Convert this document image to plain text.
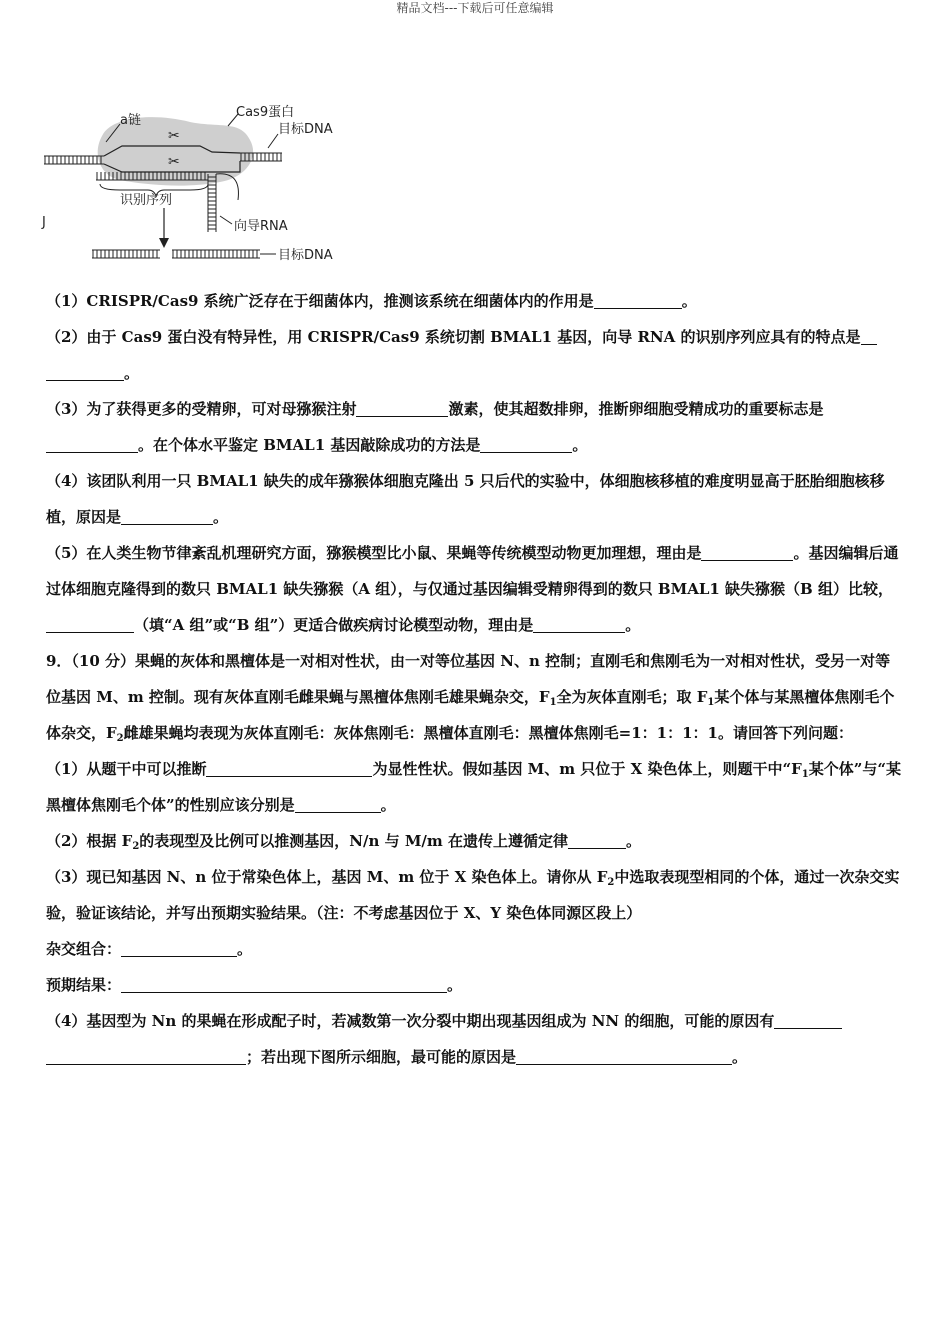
精品文档---下载后可任意编辑
✂
✂
a链
Cas9蛋白
目标DNA
识别序列
向导RNA
目标DNA
J

（1）CRISPR/Cas9 系统广泛存在于细菌体内，推测该系统在细菌体内的作用是	。

（2）由于 Cas9 蛋白没有特异性，用 CRISPR/Cas9 系统切割 BMAL1 基因，向导 RNA 的识别序列应具有的特点是
。

（3）为了获得更多的受精卵，可对母猕猴注射	激素，使其超数排卵，推断卵细胞受精成功的重要标志是
。在个体水平鉴定 BMAL1 基因敲除成功的方法是	。

（4）该团队利用一只 BMAL1 缺失的成年猕猴体细胞克隆出 5 只后代的实验中，体细胞核移植的难度明显高于胚胎细胞核移植，原因是	。

（5）在人类生物节律紊乱机理研究方面，猕猴模型比小鼠、果蝇等传统模型动物更加理想，理由是	。基因编辑后通过体细胞克隆得到的数只 BMAL1 缺失猕猴（A 组），与仅通过基因编辑受精卵得到的数只 BMAL1 缺失猕猴（B 组）比较，（填“A 组”或“B 组”）更适合做疾病讨论模型动物，理由是	。

9．（10 分）果蝇的灰体和黑檀体是一对相对性状，由一对等位基因 N、n 控制；直刚毛和焦刚毛为一对相对性状，受另一对等位基因 M、m 控制。现有灰体直刚毛雌果蝇与黑檀体焦刚毛雄果蝇杂交，$F_1$全为灰体直刚毛；取 $F_1$某个体与某黑檀体焦刚毛个体杂交，$F_2$雌雄果蝇均表现为灰体直刚毛：灰体焦刚毛：黑檀体直刚毛：黑檀体焦刚毛=1：1：1：1。请回答下列问题：

（1）从题干中可以推断	为显性性状。假如基因 M、m 只位于 X 染色体上，则题干中“$F_1$某个体”与“某黑檀体焦刚毛个体”的性别应该分别是	。

（2）根据 $F_2$的表现型及比例可以推测基因，N/n 与 M/m 在遗传上遵循定律	。

（3）现已知基因 N、n 位于常染色体上，基因 M、m 位于 X 染色体上。请你从 $F_2$中选取表现型相同的个体，通过一次杂交实验，验证该结论，并写出预期实验结果。（注：不考虑基因位于 X、Y 染色体同源区段上）

杂交组合：	。

预期结果：	。

（4）基因型为 Nn 的果蝇在形成配子时，若减数第一次分裂中期出现基因组成为 NN 的细胞，可能的原因有
；若出现下图所示细胞，最可能的原因是	。
